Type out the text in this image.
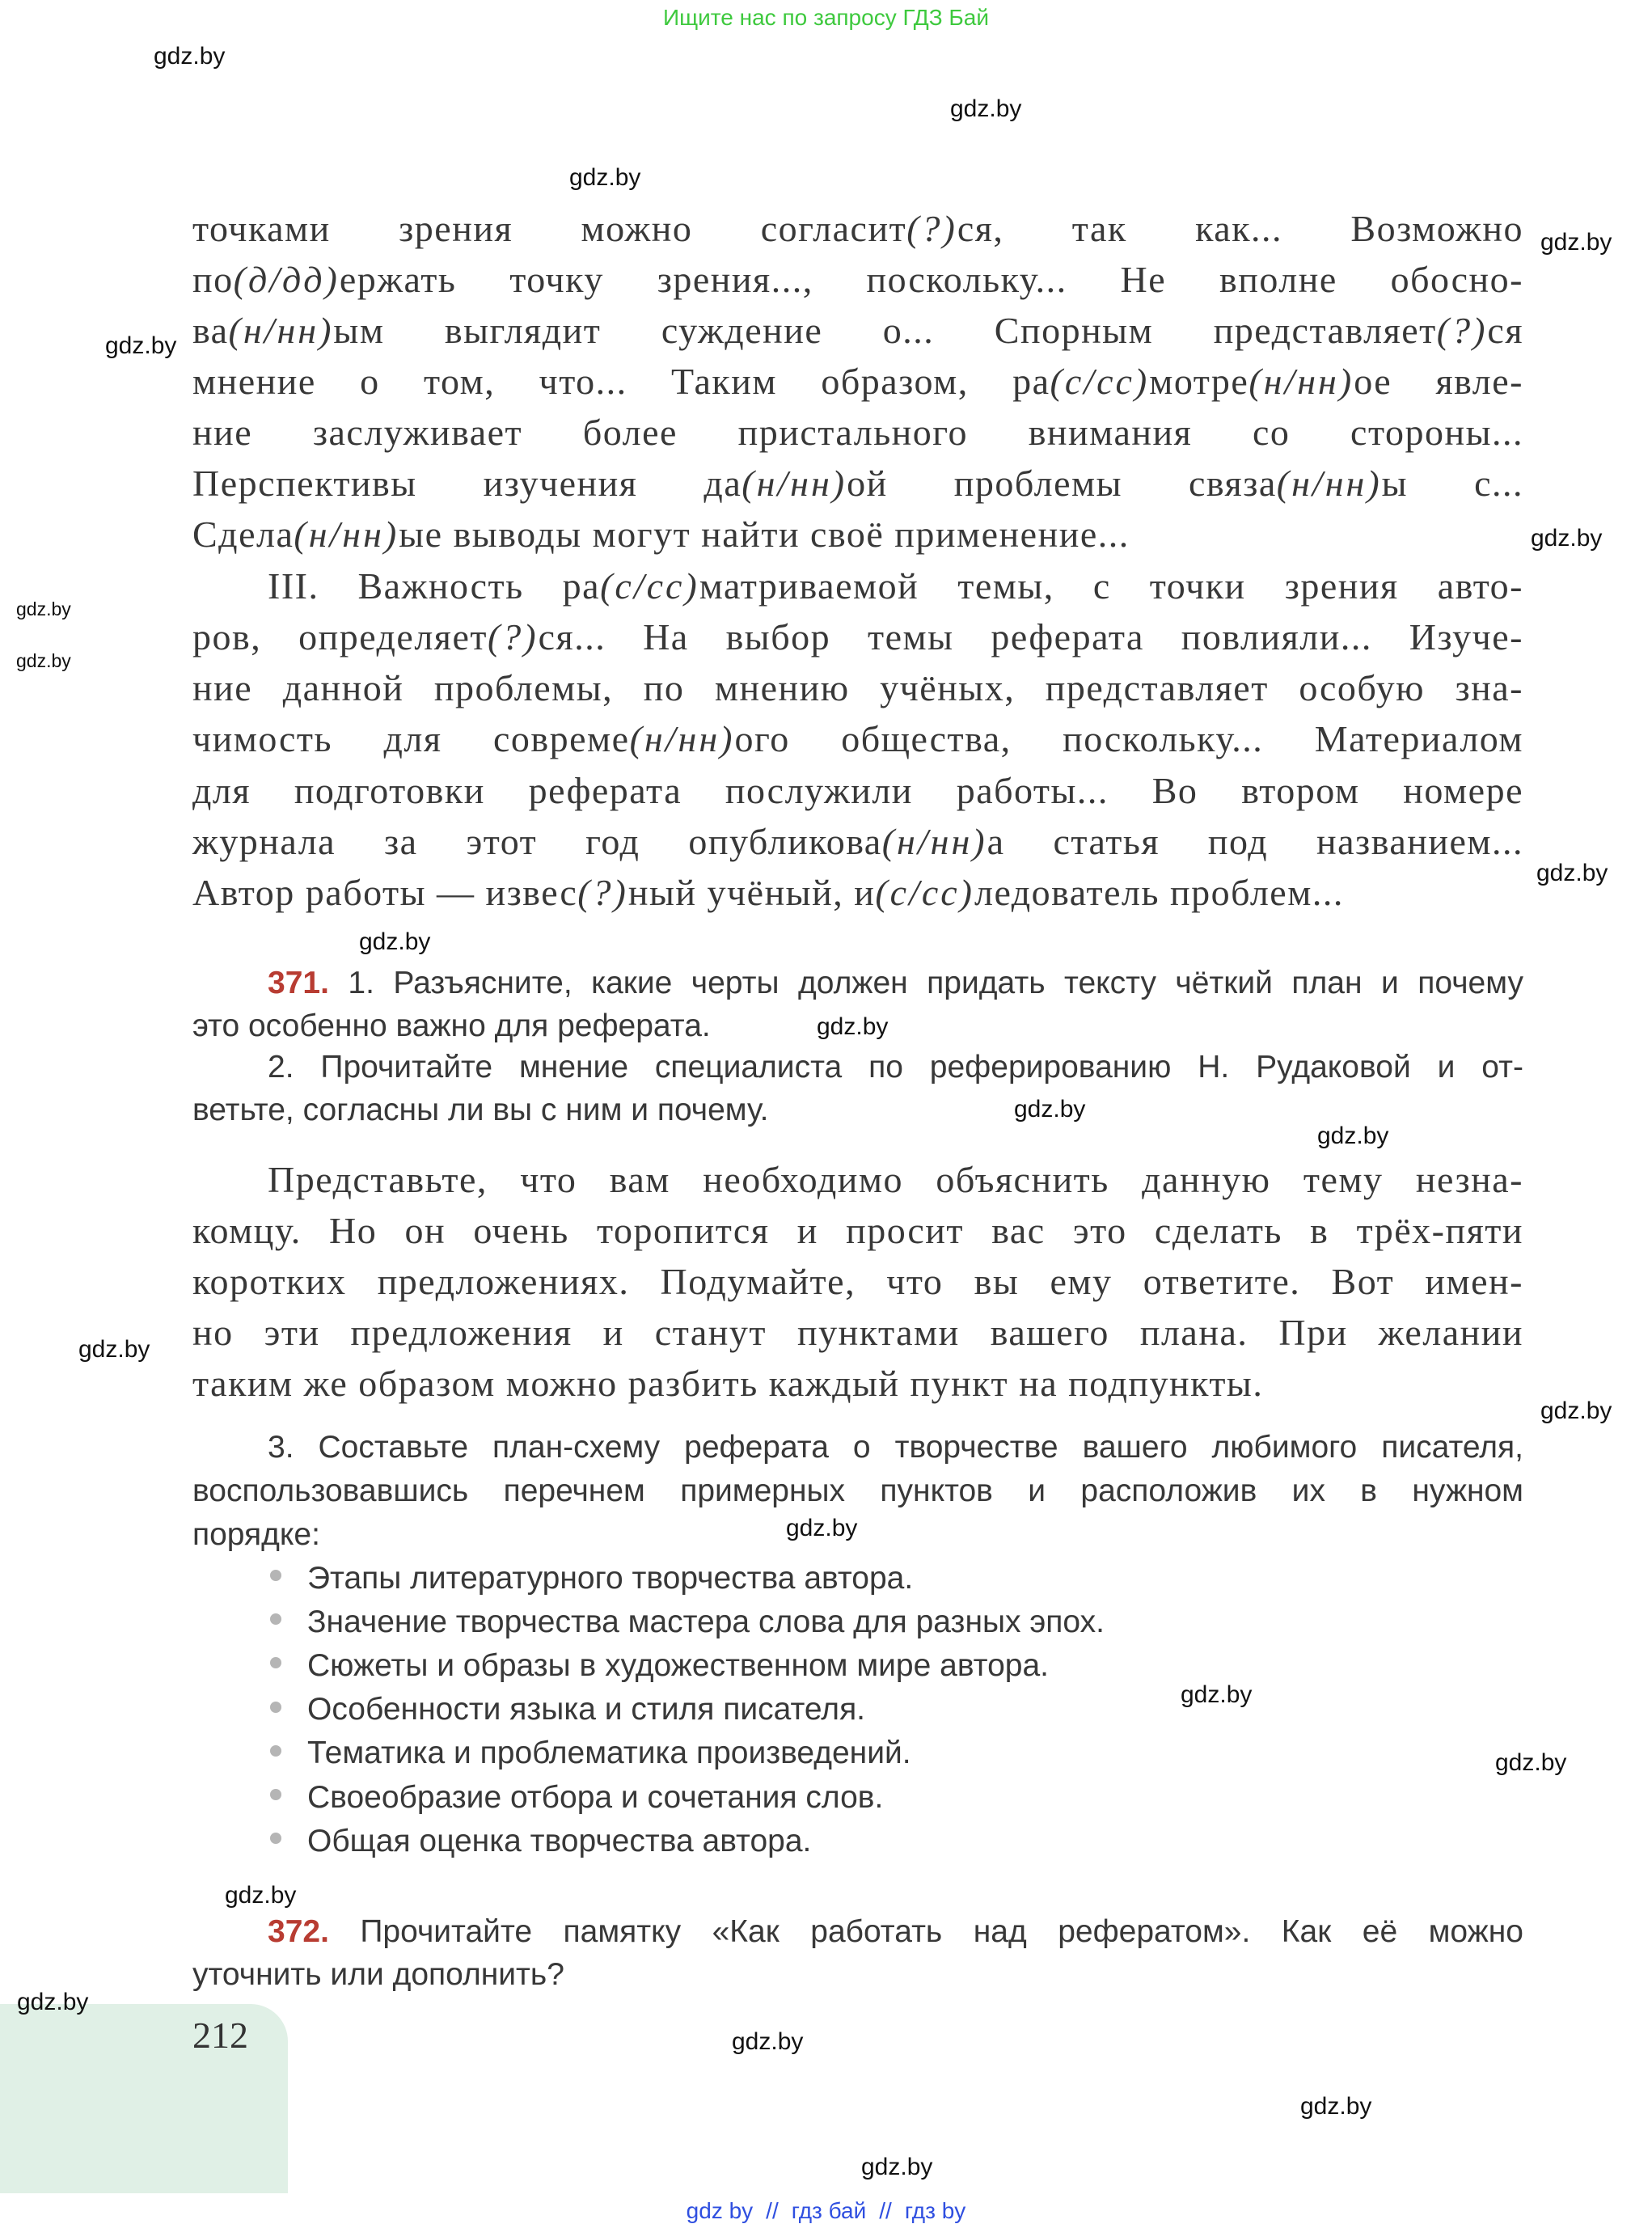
Ищите нас по запросу ГДЗ Бай
212
точками зрения можно согласит(?)ся, так как... Возможно
по(д/дд)ержать точку зрения..., поскольку... Не вполне обосно-
ва(н/нн)ым выглядит суждение о... Спорным представляет(?)ся
мнение о том, что... Таким образом, ра(с/сс)мотре(н/нн)ое явле-
ние заслуживает более пристального внимания со стороны...
Перспективы изучения да(н/нн)ой проблемы связа(н/нн)ы с...
Сдела(н/нн)ые выводы могут найти своё применение...
III. Важность ра(с/сс)матриваемой темы, с точки зрения авто-
ров, определяет(?)ся... На выбор темы реферата повлияли... Изуче-
ние данной проблемы, по мнению учёных, представляет особую зна-
чимость для совреме(н/нн)ого общества, поскольку... Материалом
для подготовки реферата послужили работы... Во втором номере
журнала за этот год опубликова(н/нн)а статья под названием...
Автор работы — извес(?)ный учёный, и(с/сс)ледователь проблем...
371. 1. Разъясните, какие черты должен придать тексту чёткий план и почему
это особенно важно для реферата.
2. Прочитайте мнение специалиста по реферированию Н. Рудаковой и от-
ветьте, согласны ли вы с ним и почему.
Представьте, что вам необходимо объяснить данную тему незна-
комцу. Но он очень торопится и просит вас это сделать в трёх-пяти
коротких предложениях. Подумайте, что вы ему ответите. Вот имен-
но эти предложения и станут пунктами вашего плана. При желании
таким же образом можно разбить каждый пункт на подпункты.
3. Составьте план-схему реферата о творчестве вашего любимого писателя,
воспользовавшись перечнем примерных пунктов и расположив их в нужном
порядке:
Этапы литературного творчества автора.
Значение творчества мастера слова для разных эпох.
Сюжеты и образы в художественном мире автора.
Особенности языка и стиля писателя.
Тематика и проблематика произведений.
Своеобразие отбора и сочетания слов.
Общая оценка творчества автора.
372. Прочитайте памятку «Как работать над рефератом». Как её можно
уточнить или дополнить?
gdz.by
gdz.by
gdz.by
gdz.by
gdz.by
gdz.by
gdz.by
gdz.by
gdz.by
gdz.by
gdz.by
gdz.by
gdz.by
gdz.by
gdz.by
gdz.by
gdz.by
gdz.by
gdz.by
gdz.by
gdz.by
gdz.by
gdz.by
gdz by // гдз бай // гдз by
